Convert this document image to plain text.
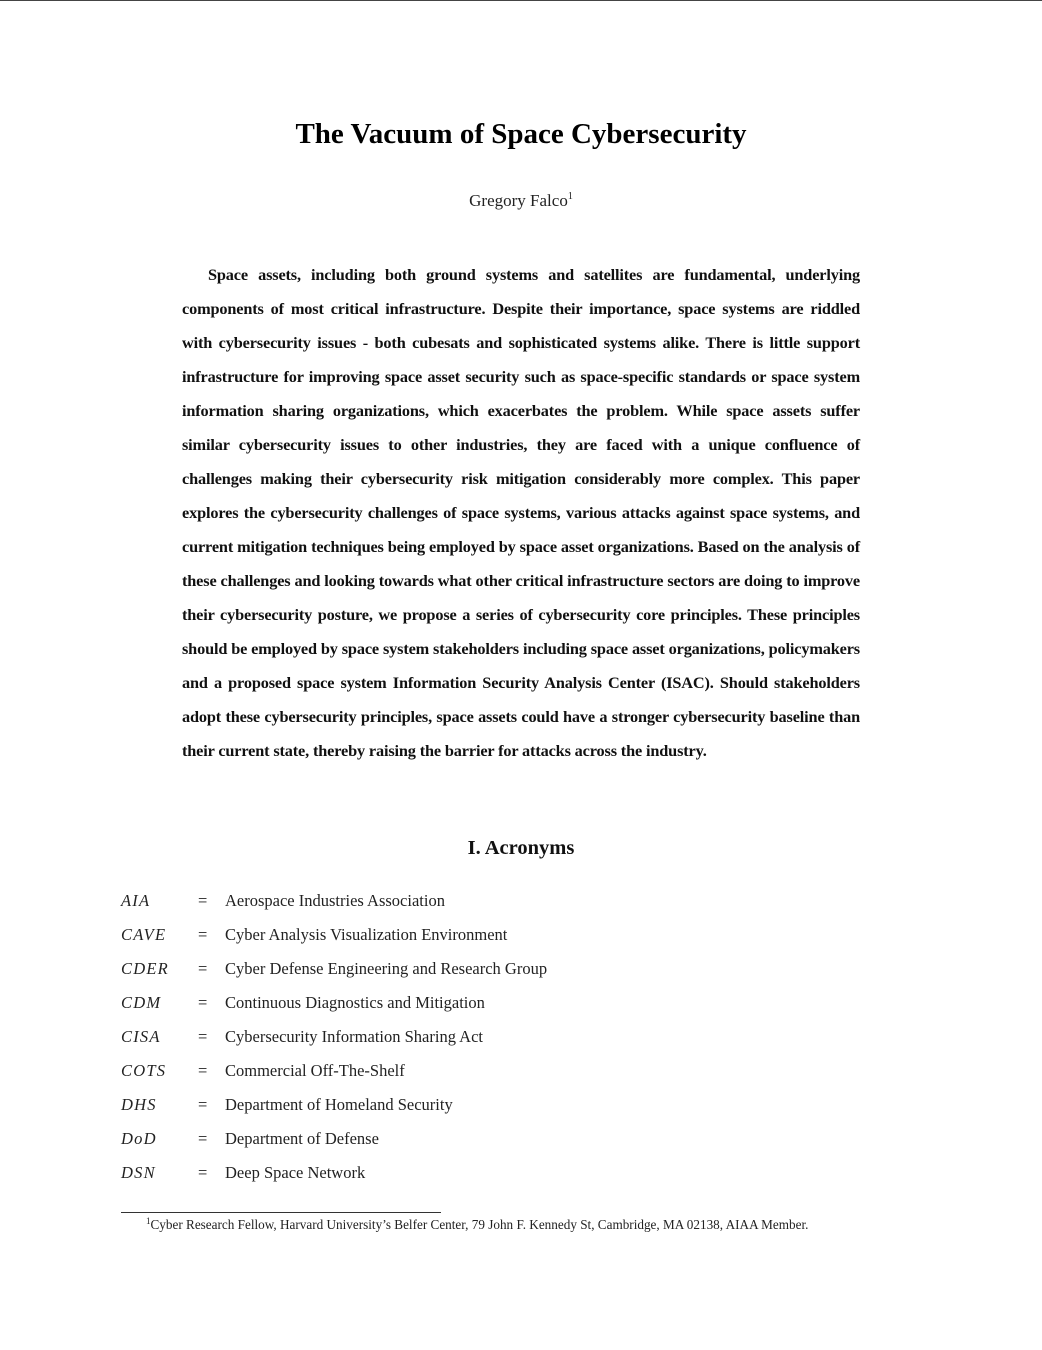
The Vacuum of Space Cybersecurity
Gregory Falco$^1$

Space assets, including both ground systems and satellites are fundamental, underlying components of most critical infrastructure. Despite their importance, space systems are riddled with cybersecurity issues - both cubesats and sophisticated systems alike. There is little support infrastructure for improving space asset security such as space-specific standards or space system information sharing organizations, which exacerbates the problem. While space assets suffer similar cybersecurity issues to other industries, they are faced with a unique confluence of challenges making their cybersecurity risk mitigation considerably more complex. This paper explores the cybersecurity challenges of space systems, various attacks against space systems, and current mitigation techniques being employed by space asset organizations. Based on the analysis of these challenges and looking towards what other critical infrastructure sectors are doing to improve their cybersecurity posture, we propose a series of cybersecurity core principles. These principles should be employed by space system stakeholders including space asset organizations, policymakers and a proposed space system Information Security Analysis Center (ISAC). Should stakeholders adopt these cybersecurity principles, space assets could have a stronger cybersecurity baseline than their current state, thereby raising the barrier for attacks across the industry.

I. Acronyms
AIA	= Aerospace Industries Association
CAVE = Cyber Analysis Visualization Environment
CDER = Cyber Defense Engineering and Research Group
CDM = Continuous Diagnostics and Mitigation
CISA = Cybersecurity Information Sharing Act
COTS = Commercial Off-The-Shelf
DHS	= Department of Homeland Security
DoD	= Department of Defense
DSN	= Deep Space Network
$^1$Cyber Research Fellow, Harvard University’s Belfer Center, 79 John F. Kennedy St, Cambridge, MA 02138, AIAA Member.
